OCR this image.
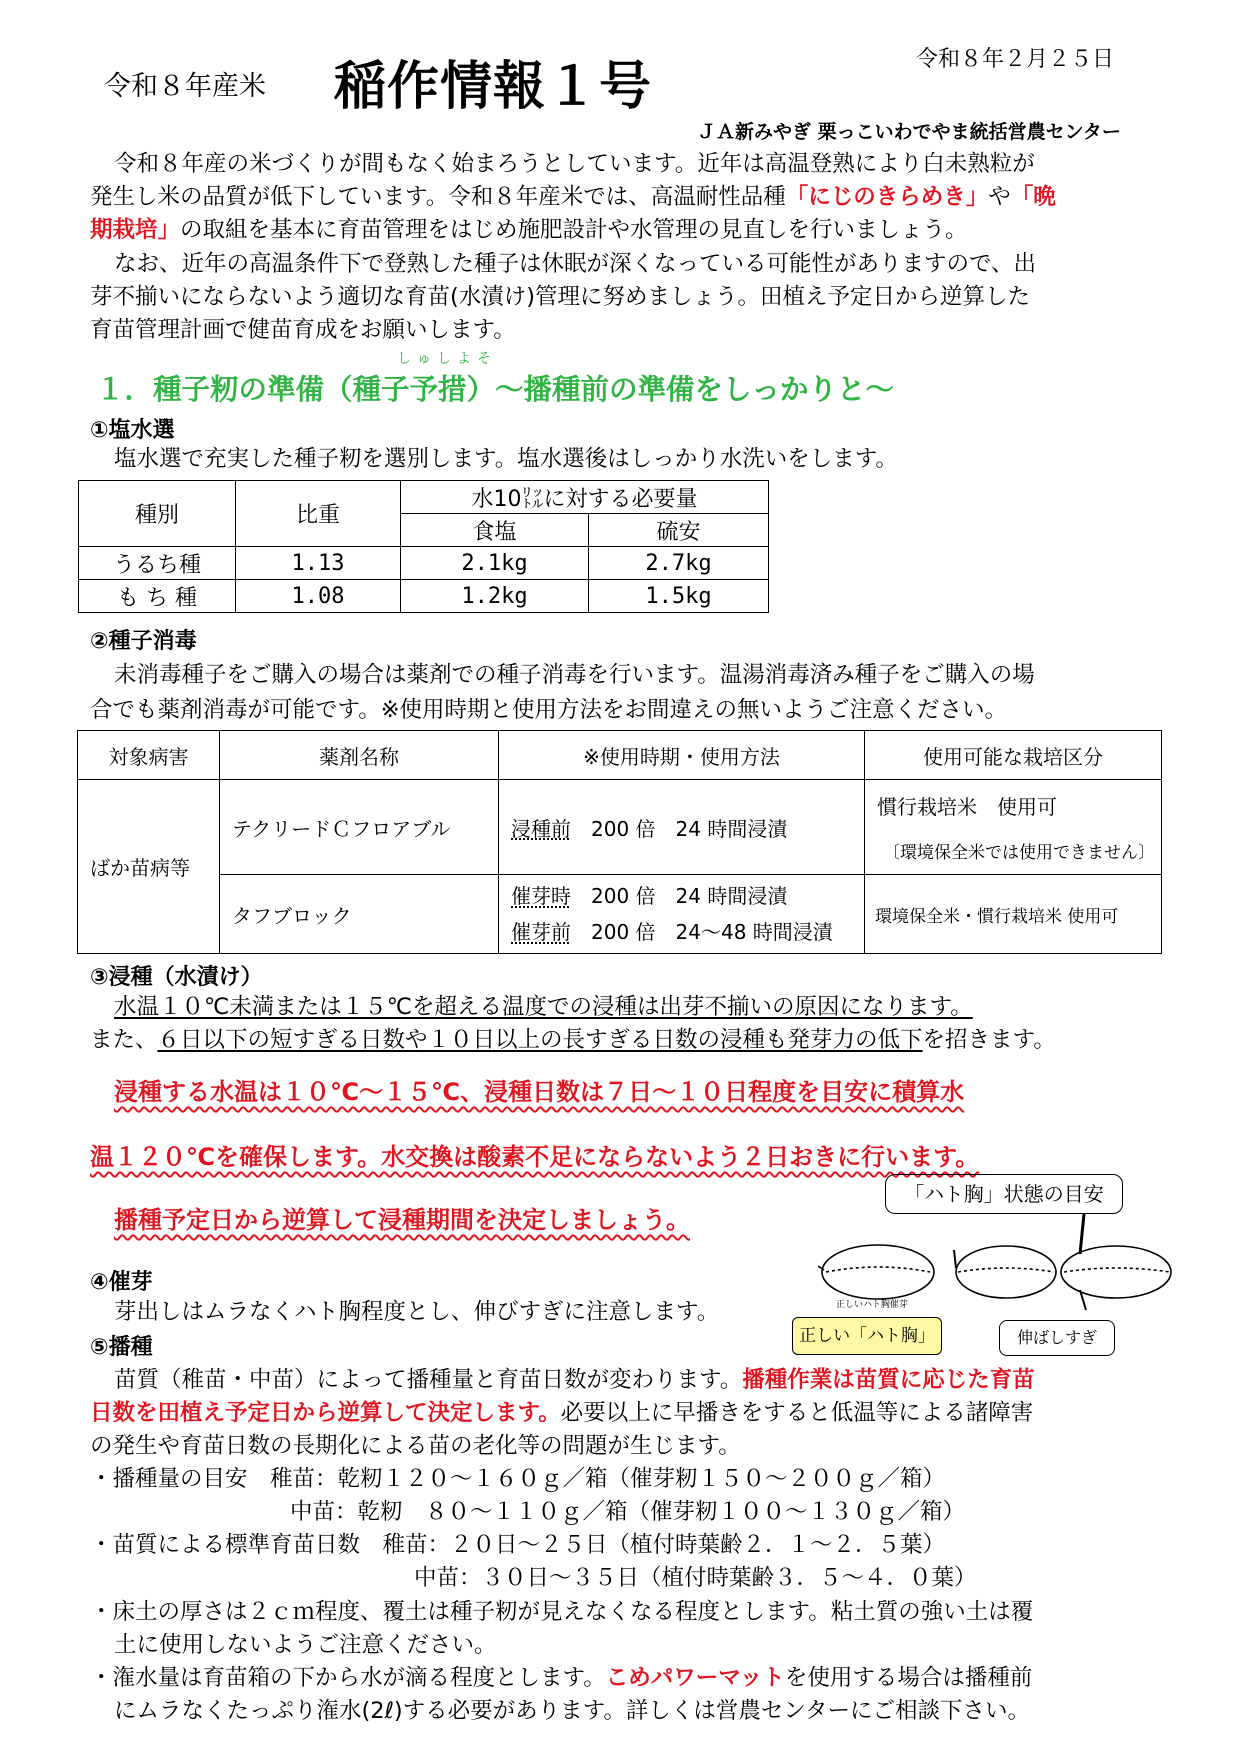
令和８年産米 稲作情報１号	令和８年２月２５日
ＪＡ新みやぎ 栗っこいわでやま統括営農センター
令和８年産の米づくりが間もなく始まろうとしています。近年は高温登熟により白未熟粒が
発生し米の品質が低下しています。令和８年産米では、高温耐性品種「にじのきらめき」や「晩
期栽培」の取組を基本に育苗管理をはじめ施肥設計や水管理の見直しを行いましょう。
なお、近年の高温条件下で登熟した種子は休眠が深くなっている可能性がありますので、出
芽不揃いにならないよう適切な育苗(水漬け)管理に努めましょう。田植え予定日から逆算した
育苗管理計画で健苗育成をお願いします。
しゅしよそ
１．種子籾の準備（種子予措）～播種前の準備をしっかりと～
①塩水選
塩水選で充実した種子籾を選別します。塩水選後はしっかり水洗いをします。
種別	比重	水10㍑に対する必要量	
		食塩	硫安
うるち種	1.13	2.1kg	2.7kg
も ち 種	1.08	1.2kg	1.5kg
②種子消毒
未消毒種子をご購入の場合は薬剤での種子消毒を行います。温湯消毒済み種子をご購入の場
合でも薬剤消毒が可能です。※使用時期と使用方法をお間違えの無いようご注意ください。
対象病害	薬剤名称	※使用時期・使用方法	使用可能な栽培区分
ばか苗病等	テクリードＣフロアブル	浸種前 200 倍　24 時間浸漬	慣行栽培米　使用可
〔環境保全米では使用できません〕

	タフブロック	催芽時 200 倍　24 時間浸漬
催芽前 200 倍　24～48 時間浸漬	環境保全米・慣行栽培米 使用可
③浸種（水漬け）
水温１０℃未満または１５℃を超える温度での浸種は出芽不揃いの原因になります。
また、６日以下の短すぎる日数や１０日以上の長すぎる日数の浸種も発芽力の低下を招きます。
浸種する水温は１０℃～１５℃、浸種日数は７日～１０日程度を目安に積算水
温１２０℃を確保します。水交換は酸素不足にならないよう２日おきに行います。
播種予定日から逆算して浸種期間を決定しましょう。
「ハト胸」状態の目安
正しいハト胸催芽
正しい「ハト胸」	伸ばしすぎ
④催芽
芽出しはムラなくハト胸程度とし、伸びすぎに注意します。
⑤播種
苗質（稚苗・中苗）によって播種量と育苗日数が変わります。播種作業は苗質に応じた育苗
日数を田植え予定日から逆算して決定します。必要以上に早播きをすると低温等による諸障害
の発生や育苗日数の長期化による苗の老化等の問題が生じます。
・播種量の目安　稚苗：乾籾１２０～１６０ｇ／箱（催芽籾１５０～２００ｇ／箱）
中苗：乾籾　８０～１１０ｇ／箱（催芽籾１００～１３０ｇ／箱）
・苗質による標準育苗日数　稚苗：２０日～２５日（植付時葉齢２．１～２．５葉）
中苗：３０日～３５日（植付時葉齢３．５～４．０葉）
・床土の厚さは２ｃｍ程度、覆土は種子籾が見えなくなる程度とします。粘土質の強い土は覆
土に使用しないようご注意ください。
・潅水量は育苗箱の下から水が滴る程度とします。こめパワーマットを使用する場合は播種前
にムラなくたっぷり潅水(2ℓ)する必要があります。詳しくは営農センターにご相談下さい。
